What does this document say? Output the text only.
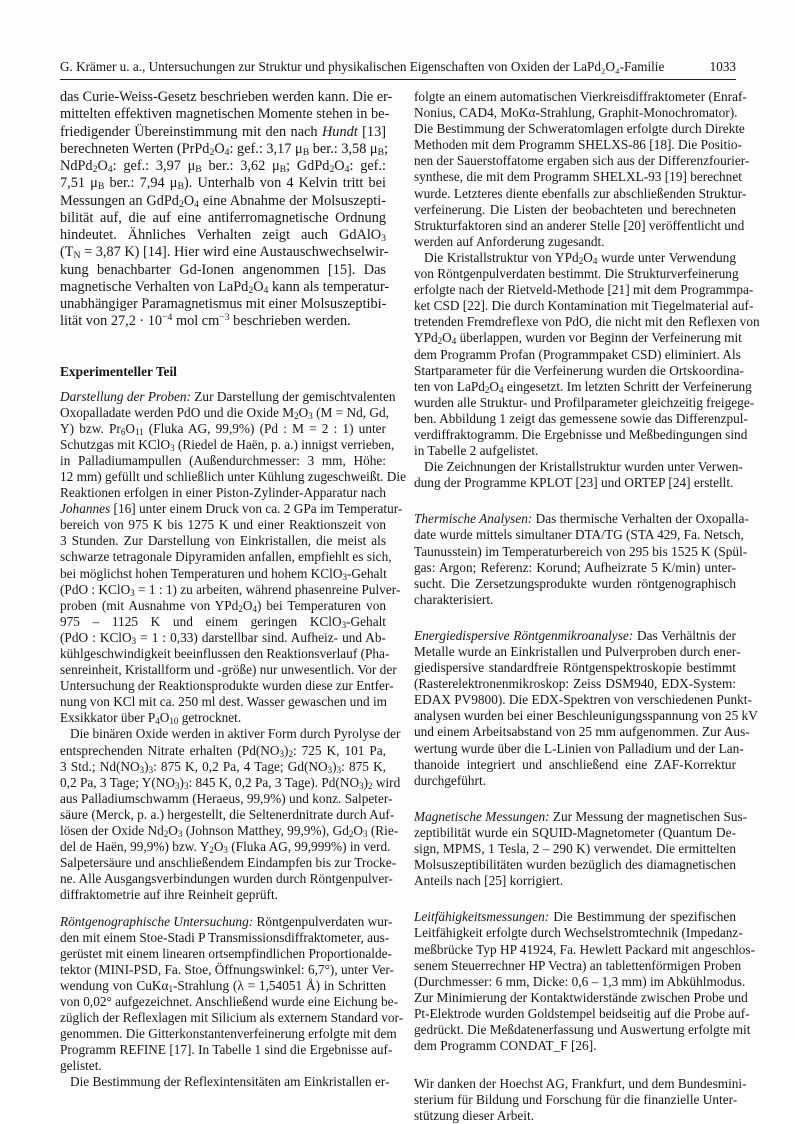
G. Krämer u. a., Untersuchungen zur Struktur und physikalischen Eigenschaften von Oxiden der LaPd₂O₄-Familie	1033
das Curie-Weiss-Gesetz beschrieben werden kann. Die er-
mittelten effektiven magnetischen Momente stehen in be-
friedigender Übereinstimmung mit den nach Hundt [13]
berechneten Werten ($PrPd_2O_4$: gef.: 3,17 $\mu_B$ ber.: 3,58 $\mu_B$;
$NdPd_2O_4$: gef.: 3,97 $\mu_B$ ber.: 3,62 $\mu_B$; $GdPd_2O_4$: gef.:
7,51 $\mu_B$ ber.: 7,94 $\mu_B$). Unterhalb von 4 Kelvin tritt bei
Messungen an $GdPd_2O_4$ eine Abnahme der Molsuszepti-
bilität auf, die auf eine antiferromagnetische Ordnung
hindeutet. Ähnliches Verhalten zeigt auch GdAlO$_3$
($T_N = 3,87$ K) [14]. Hier wird eine Austauschwechselwir-
kung benachbarter Gd-Ionen angenommen [15]. Das
magnetische Verhalten von $LaPd_2O_4$ kann als temperatur-
unabhängiger Paramagnetismus mit einer Molsuszeptibi-
lität von $27,2 \cdot 10^{-4}$ mol $cm^{-3}$ beschrieben werden.
Experimenteller Teil
Darstellung der Proben: Zur Darstellung der gemischtvalenten
Oxopalladate werden PdO und die Oxide $M_2O_3$ (M = Nd, Gd,
Y) bzw. $Pr_6O_{11}$ (Fluka AG, 99,9%) (Pd : M = 2 : 1) unter
Schutzgas mit KClO$_3$ (Riedel de Haën, p. a.) innigst verrieben,
in Palladiumampullen (Außendurchmesser: 3 mm, Höhe:
12 mm) gefüllt und schließlich unter Kühlung zugeschweißt. Die
Reaktionen erfolgen in einer Piston-Zylinder-Apparatur nach
Johannes [16] unter einem Druck von ca. 2 GPa im Temperatur-
bereich von 975 K bis 1275 K und einer Reaktionszeit von
3 Stunden. Zur Darstellung von Einkristallen, die meist als
schwarze tetragonale Dipyramiden anfallen, empfiehlt es sich,
bei möglichst hohen Temperaturen und hohem KClO$_3$-Gehalt
(PdO : KClO$_3$ = 1 : 1) zu arbeiten, während phasenreine Pulver-
proben (mit Ausnahme von $YPd_2O_4$) bei Temperaturen von
975 – 1125 K und einem geringen KClO$_3$-Gehalt
(PdO : KClO$_3$ = 1 : 0,33) darstellbar sind. Aufheiz- und Ab-
kühlgeschwindigkeit beeinflussen den Reaktionsverlauf (Pha-
senreinheit, Kristallform und -größe) nur unwesentlich. Vor der
Untersuchung der Reaktionsprodukte wurden diese zur Entfer-
nung von KCl mit ca. 250 ml dest. Wasser gewaschen und im
Exsikkator über $P_4O_{10}$ getrocknet.
Die binären Oxide werden in aktiver Form durch Pyrolyse der
entsprechenden Nitrate erhalten ($Pd(NO_3)_2$: 725 K, 101 Pa,
3 Std.; $Nd(NO_3)_3$: 875 K, 0,2 Pa, 4 Tage; $Gd(NO_3)_3$: 875 K,
0,2 Pa, 3 Tage; $Y(NO_3)_3$: 845 K, 0,2 Pa, 3 Tage). $Pd(NO_3)_2$ wird
aus Palladiumschwamm (Heraeus, 99,9%) und konz. Salpeter-
säure (Merck, p. a.) hergestellt, die Seltenerdnitrate durch Auf-
lösen der Oxide $Nd_2O_3$ (Johnson Matthey, 99,9%), $Gd_2O_3$ (Rie-
del de Haën, 99,9%) bzw. $Y_2O_3$ (Fluka AG, 99,999%) in verd.
Salpetersäure und anschließendem Eindampfen bis zur Trocke-
ne. Alle Ausgangsverbindungen wurden durch Röntgenpulver-
diffraktometrie auf ihre Reinheit geprüft.
Röntgenographische Untersuchung: Röntgenpulverdaten wur-
den mit einem Stoe-Stadi P Transmissionsdiffraktometer, aus-
gerüstet mit einem linearen ortsempfindlichen Proportionalde-
tektor (MINI-PSD, Fa. Stoe, Öffnungswinkel: 6,7°), unter Ver-
wendung von CuKα$_1$-Strahlung (λ = 1,54051 Å) in Schritten
von 0,02° aufgezeichnet. Anschließend wurde eine Eichung be-
züglich der Reflexlagen mit Silicium als externem Standard vor-
genommen. Die Gitterkonstantenverfeinerung erfolgte mit dem
Programm REFINE [17]. In Tabelle 1 sind die Ergebnisse auf-
gelistet.
Die Bestimmung der Reflexintensitäten am Einkristallen er-
folgte an einem automatischen Vierkreisdiffraktometer (Enraf-
Nonius, CAD4, MoKα-Strahlung, Graphit-Monochromator).
Die Bestimmung der Schweratomlagen erfolgte durch Direkte
Methoden mit dem Programm SHELXS-86 [18]. Die Positio-
nen der Sauerstoffatome ergaben sich aus der Differenzfourier-
synthese, die mit dem Programm SHELXL-93 [19] berechnet
wurde. Letzteres diente ebenfalls zur abschließenden Struktur-
verfeinerung. Die Listen der beobachteten und berechneten
Strukturfaktoren sind an anderer Stelle [20] veröffentlicht und
werden auf Anforderung zugesandt.
Die Kristallstruktur von $YPd_2O_4$ wurde unter Verwendung
von Röntgenpulverdaten bestimmt. Die Strukturverfeinerung
erfolgte nach der Rietveld-Methode [21] mit dem Programmpa-
ket CSD [22]. Die durch Kontamination mit Tiegelmaterial auf-
tretenden Fremdreflexe von PdO, die nicht mit den Reflexen von
$YPd_2O_4$ überlappen, wurden vor Beginn der Verfeinerung mit
dem Programm Profan (Programmpaket CSD) eliminiert. Als
Startparameter für die Verfeinerung wurden die Ortskoordina-
ten von $LaPd_2O_4$ eingesetzt. Im letzten Schritt der Verfeinerung
wurden alle Struktur- und Profilparameter gleichzeitig freigege-
ben. Abbildung 1 zeigt das gemessene sowie das Differenzpul-
verdiffraktogramm. Die Ergebnisse und Meßbedingungen sind
in Tabelle 2 aufgelistet.
Die Zeichnungen der Kristallstruktur wurden unter Verwen-
dung der Programme KPLOT [23] und ORTEP [24] erstellt.
Thermische Analysen: Das thermische Verhalten der Oxopalla-
date wurde mittels simultaner DTA/TG (STA 429, Fa. Netsch,
Taunusstein) im Temperaturbereich von 295 bis 1525 K (Spül-
gas: Argon; Referenz: Korund; Aufheizrate 5 K/min) unter-
sucht. Die Zersetzungsprodukte wurden röntgenographisch
charakterisiert.
Energiedispersive Röntgenmikroanalyse: Das Verhältnis der
Metalle wurde an Einkristallen und Pulverproben durch ener-
giedispersive standardfreie Röntgenspektroskopie bestimmt
(Rasterelektronenmikroskop: Zeiss DSM940, EDX-System:
EDAX PV9800). Die EDX-Spektren von verschiedenen Punkt-
analysen wurden bei einer Beschleunigungsspannung von 25 kV
und einem Arbeitsabstand von 25 mm aufgenommen. Zur Aus-
wertung wurde über die L-Linien von Palladium und der Lan-
thanoide integriert und anschließend eine ZAF-Korrektur
durchgeführt.
Magnetische Messungen: Zur Messung der magnetischen Sus-
zeptibilität wurde ein SQUID-Magnetometer (Quantum De-
sign, MPMS, 1 Tesla, 2 – 290 K) verwendet. Die ermittelten
Molsuszeptibilitäten wurden bezüglich des diamagnetischen
Anteils nach [25] korrigiert.
Leitfähigkeitsmessungen: Die Bestimmung der spezifischen
Leitfähigkeit erfolgte durch Wechselstromtechnik (Impedanz-
meßbrücke Typ HP 41924, Fa. Hewlett Packard mit angeschlos-
senem Steuerrechner HP Vectra) an tablettenförmigen Proben
(Durchmesser: 6 mm, Dicke: 0,6 – 1,3 mm) im Abkühlmodus.
Zur Minimierung der Kontaktwiderstände zwischen Probe und
Pt-Elektrode wurden Goldstempel beidseitig auf die Probe auf-
gedrückt. Die Meßdatenerfassung und Auswertung erfolgte mit
dem Programm CONDAT_F [26].
Wir danken der Hoechst AG, Frankfurt, und dem Bundesmini-
sterium für Bildung und Forschung für die finanzielle Unter-
stützung dieser Arbeit.
